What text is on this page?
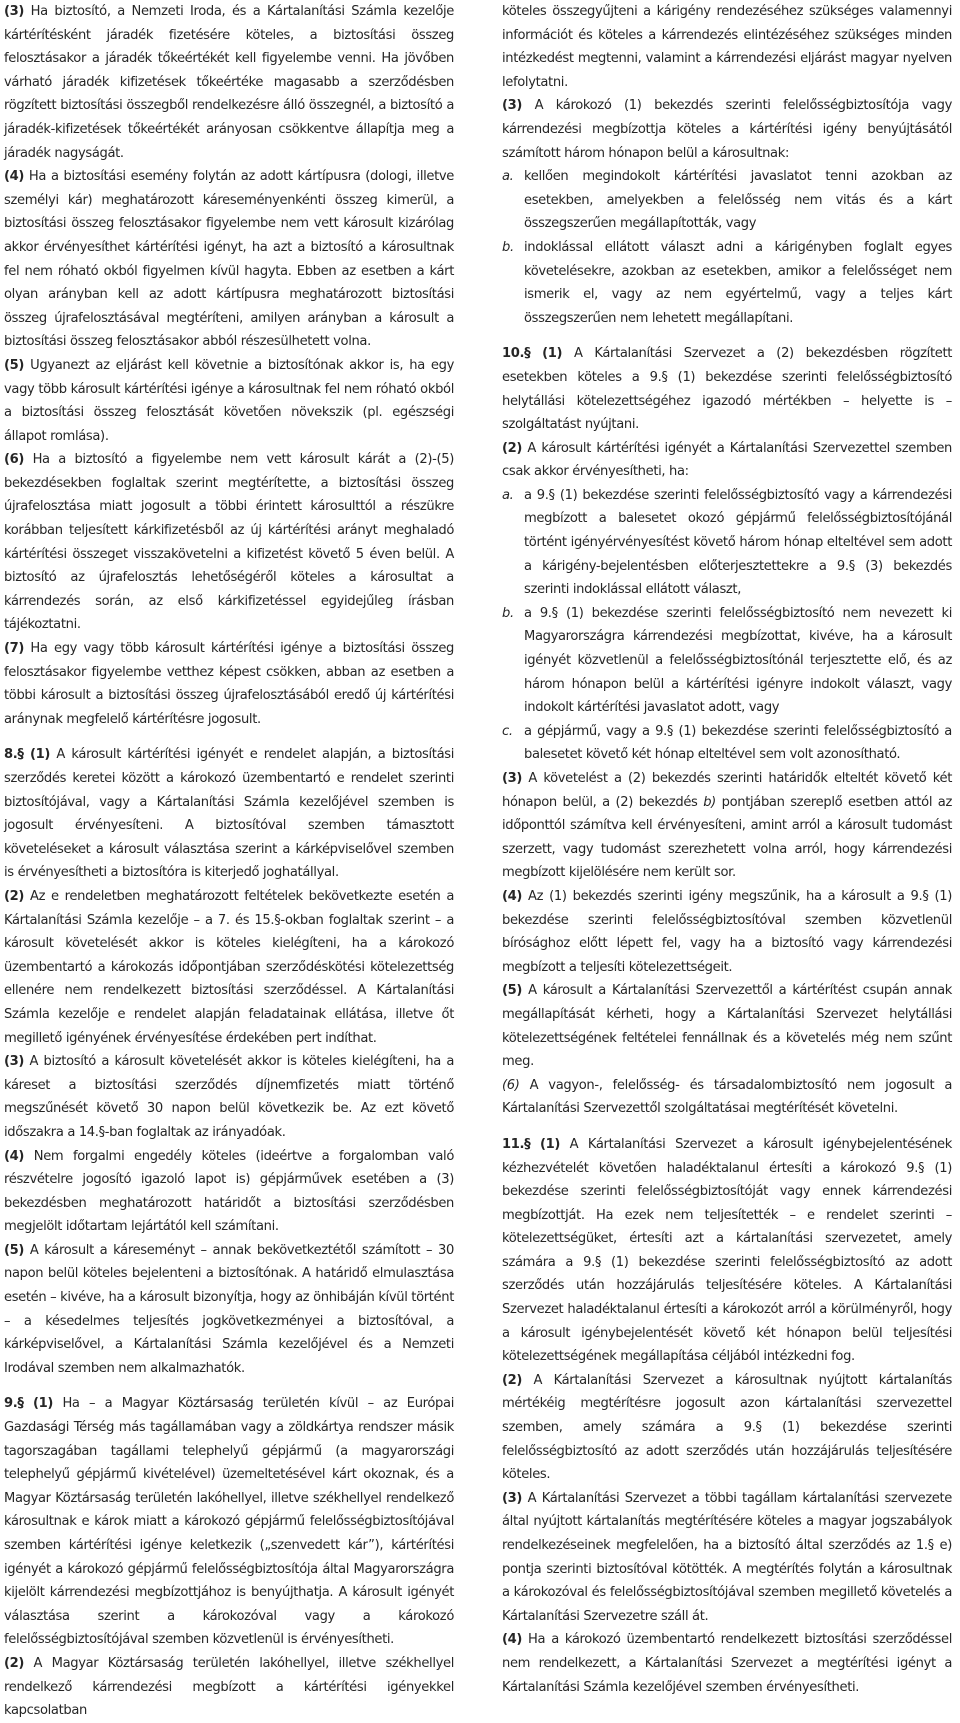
(3) Ha biztosító, a Nemzeti Iroda, és a Kártalanítási Számla kezelője kártérítésként járadék fizetésére köteles, a biztosítási összeg felosztásakor a járadék tőkeértékét kell figyelembe venni. Ha jövőben várható járadék kifizetések tőkeértéke magasabb a szerződésben rögzített biztosítási összegből rendelkezésre álló összegnél, a biztosító a járadék-kifizetések tőkeértékét arányosan csökkentve állapítja meg a járadék nagyságát.

(4) Ha a biztosítási esemény folytán az adott kártípusra (dologi, illetve személyi kár) meghatározott káreseményenkénti összeg kimerül, a biztosítási összeg felosztásakor figyelembe nem vett károsult kizárólag akkor érvényesíthet kártérítési igényt, ha azt a biztosító a károsultnak fel nem róható okból figyelmen kívül hagyta. Ebben az esetben a kárt olyan arányban kell az adott kártípusra meghatározott biztosítási összeg újrafelosztásával megtéríteni, amilyen arányban a károsult a biztosítási összeg felosztásakor abból részesülhetett volna.

(5) Ugyanezt az eljárást kell követnie a biztosítónak akkor is, ha egy vagy több károsult kártérítési igénye a károsultnak fel nem róható okból a biztosítási összeg felosztását követően növekszik (pl. egészségi állapot romlása).

(6) Ha a biztosító a figyelembe nem vett károsult kárát a (2)-(5) bekezdésekben foglaltak szerint megtérítette, a biztosítási összeg újrafelosztása miatt jogosult a többi érintett károsulttól a részükre korábban teljesített kárkifizetésből az új kártérítési arányt meghaladó kártérítési összeget visszakövetelni a kifizetést követő 5 éven belül. A biztosító az újrafelosztás lehetőségéről köteles a károsultat a kárrendezés során, az első kárkifizetéssel egyidejűleg írásban tájékoztatni.

(7) Ha egy vagy több károsult kártérítési igénye a biztosítási összeg felosztásakor figyelembe vetthez képest csökken, abban az esetben a többi károsult a biztosítási összeg újrafelosztásából eredő új kártérítési aránynak megfelelő kártérítésre jogosult.

8.§ (1) A károsult kártérítési igényét e rendelet alapján, a biztosítási szerződés keretei között a károkozó üzembentartó e rendelet szerinti biztosítójával, vagy a Kártalanítási Számla kezelőjével szemben is jogosult érvényesíteni. A biztosítóval szemben támasztott követeléseket a károsult választása szerint a kárképviselővel szemben is érvényesítheti a biztosítóra is kiterjedő joghatállyal.

(2) Az e rendeletben meghatározott feltételek bekövetkezte esetén a Kártalanítási Számla kezelője – a 7. és 15.§-okban foglaltak szerint – a károsult követelését akkor is köteles kielégíteni, ha a károkozó üzembentartó a károkozás időpontjában szerződéskötési kötelezettség ellenére nem rendelkezett biztosítási szerződéssel. A Kártalanítási Számla kezelője e rendelet alapján feladatainak ellátása, illetve őt megillető igényének érvényesítése érdekében pert indíthat.

(3) A biztosító a károsult követelését akkor is köteles kielégíteni, ha a káreset a biztosítási szerződés díjnemfizetés miatt történő megszűnését követő 30 napon belül következik be. Az ezt követő időszakra a 14.§-ban foglaltak az irányadóak.

(4) Nem forgalmi engedély köteles (ideértve a forgalomban való részvételre jogosító igazoló lapot is) gépjárművek esetében a (3) bekezdésben meghatározott határidőt a biztosítási szerződésben megjelölt időtartam lejártától kell számítani.

(5) A károsult a káreseményt – annak bekövetkeztétől számított – 30 napon belül köteles bejelenteni a biztosítónak. A határidő elmulasztása esetén – kivéve, ha a károsult bizonyítja, hogy az önhibáján kívül történt – a késedelmes teljesítés jogkövetkezményei a biztosítóval, a kárképviselővel, a Kártalanítási Számla kezelőjével és a Nemzeti Irodával szemben nem alkalmazhatók.

9.§ (1) Ha – a Magyar Köztársaság területén kívül – az Európai Gazdasági Térség más tagállamában vagy a zöldkártya rendszer másik tagorszagában tagállami telephelyű gépjármű (a magyarországi telephelyű gépjármű kivételével) üzemeltetésével kárt okoznak, és a Magyar Köztársaság területén lakóhellyel, illetve székhellyel rendelkező károsultnak e károk miatt a károkozó gépjármű felelősségbiztosítójával szemben kártérítési igénye keletkezik („szenvedett kár”), kártérítési igényét a károkozó gépjármű felelősségbiztosítója által Magyarországra kijelölt kárrendezési megbízottjához is benyújthatja. A károsult igényét választása szerint a károkozóval vagy a károkozó felelősségbiztosítójával szemben közvetlenül is érvényesítheti.

(2) A Magyar Köztársaság területén lakóhellyel, illetve székhellyel rendelkező kárrendezési megbízott a kártérítési igényekkel kapcsolatban

köteles összegyűjteni a kárigény rendezéséhez szükséges valamennyi információt és köteles a kárrendezés elintézéséhez szükséges minden intézkedést megtenni, valamint a kárrendezési eljárást magyar nyelven lefolytatni.

(3) A károkozó (1) bekezdés szerinti felelősségbiztosítója vagy kárrendezési megbízottja köteles a kártérítési igény benyújtásától számított három hónapon belül a károsultnak:

a. kellően megindokolt kártérítési javaslatot tenni azokban az esetekben, amelyekben a felelősség nem vitás és a kárt összegszerűen megállapították, vagy
b. indoklással ellátott választ adni a kárigényben foglalt egyes követelésekre, azokban az esetekben, amikor a felelősséget nem ismerik el, vagy az nem egyértelmű, vagy a teljes kárt összegszerűen nem lehetett megállapítani.

10.§ (1) A Kártalanítási Szervezet a (2) bekezdésben rögzített esetekben köteles a 9.§ (1) bekezdése szerinti felelősségbiztosító helytállási kötelezettségéhez igazodó mértékben – helyette is – szolgáltatást nyújtani.

(2) A károsult kártérítési igényét a Kártalanítási Szervezettel szemben csak akkor érvényesítheti, ha:

a. a 9.§ (1) bekezdése szerinti felelősségbiztosító vagy a kárrendezési megbízott a balesetet okozó gépjármű felelősségbiztosítójánál történt igényérvényesítést követő három hónap elteltével sem adott a kárigény-bejelentésben előterjesztettekre a 9.§ (3) bekezdés szerinti indoklással ellátott választ,
b. a 9.§ (1) bekezdése szerinti felelősségbiztosító nem nevezett ki Magyarországra kárrendezési megbízottat, kivéve, ha a károsult igényét közvetlenül a felelősségbiztosítónál terjesztette elő, és az három hónapon belül a kártérítési igényre indokolt választ, vagy indokolt kártérítési javaslatot adott, vagy
c. a gépjármű, vagy a 9.§ (1) bekezdése szerinti felelősségbiztosító a balesetet követő két hónap elteltével sem volt azonosítható.

(3) A követelést a (2) bekezdés szerinti határidők elteltét követő két hónapon belül, a (2) bekezdés b) pontjában szereplő esetben attól az időponttól számítva kell érvényesíteni, amint arról a károsult tudomást szerzett, vagy tudomást szerezhetett volna arról, hogy kárrendezési megbízott kijelölésére nem került sor.

(4) Az (1) bekezdés szerinti igény megszűnik, ha a károsult a 9.§ (1) bekezdése szerinti felelősségbiztosítóval szemben közvetlenül bírósághoz előtt lépett fel, vagy ha a biztosító vagy kárrendezési megbízott a teljesíti kötelezettségeit.

(5) A károsult a Kártalanítási Szervezettől a kártérítést csupán annak megállapítását kérheti, hogy a Kártalanítási Szervezet helytállási kötelezettségének feltételei fennállnak és a követelés még nem szűnt meg.

(6) A vagyon-, felelősség- és társadalombiztosító nem jogosult a Kártalanítási Szervezettől szolgáltatásai megtérítését követelni.

11.§ (1) A Kártalanítási Szervezet a károsult igénybejelentésének kézhezvételét követően haladéktalanul értesíti a károkozó 9.§ (1) bekezdése szerinti felelősségbiztosítóját vagy ennek kárrendezési megbízottját. Ha ezek nem teljesítették – e rendelet szerinti – kötelezettségüket, értesíti azt a kártalanítási szervezetet, amely számára a 9.§ (1) bekezdése szerinti felelősségbiztosító az adott szerződés után hozzájárulás teljesítésére köteles. A Kártalanítási Szervezet haladéktalanul értesíti a károkozót arról a körülményről, hogy a károsult igénybejelentését követő két hónapon belül teljesítési kötelezettségének megállapítása céljából intézkedni fog.

(2) A Kártalanítási Szervezet a károsultnak nyújtott kártalanítás mértékéig megtérítésre jogosult azon kártalanítási szervezettel szemben, amely számára a 9.§ (1) bekezdése szerinti felelősségbiztosító az adott szerződés után hozzájárulás teljesítésére köteles.

(3) A Kártalanítási Szervezet a többi tagállam kártalanítási szervezete által nyújtott kártalanítás megtérítésére köteles a magyar jogszabályok rendelkezéseinek megfelelően, ha a biztosító által szerződés az 1.§ e) pontja szerinti biztosítóval kötötték. A megtérítés folytán a károsultnak a károkozóval és felelősségbiztosítójával szemben megillető követelés a Kártalanítási Szervezetre száll át.

(4) Ha a károkozó üzembentartó rendelkezett biztosítási szerződéssel nem rendelkezett, a Kártalanítási Szervezet a megtérítési igényt a Kártalanítási Számla kezelőjével szemben érvényesítheti.
